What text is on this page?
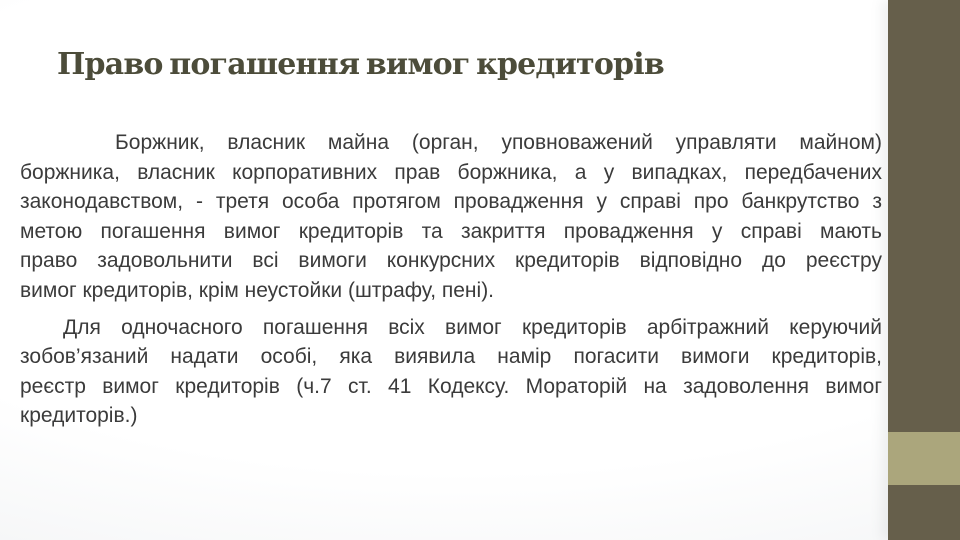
Право погашення вимог кредиторів
Боржник, власник майна (орган, уповноважений управляти майном)
боржника, власник корпоративних прав боржника, а у випадках, передбачених
законодавством, - третя особа протягом провадження у справі про банкрутство з
метою погашення вимог кредиторів та закриття провадження у справі мають
право задовольнити всі вимоги конкурсних кредиторів відповідно до реєстру
вимог кредиторів, крім неустойки (штрафу, пені).
Для одночасного погашення всіх вимог кредиторів арбітражний керуючий
зобов’язаний надати особі, яка виявила намір погасити вимоги кредиторів,
реєстр вимог кредиторів (ч.7 ст. 41 Кодексу. Мораторій на задоволення вимог
кредиторів.)
